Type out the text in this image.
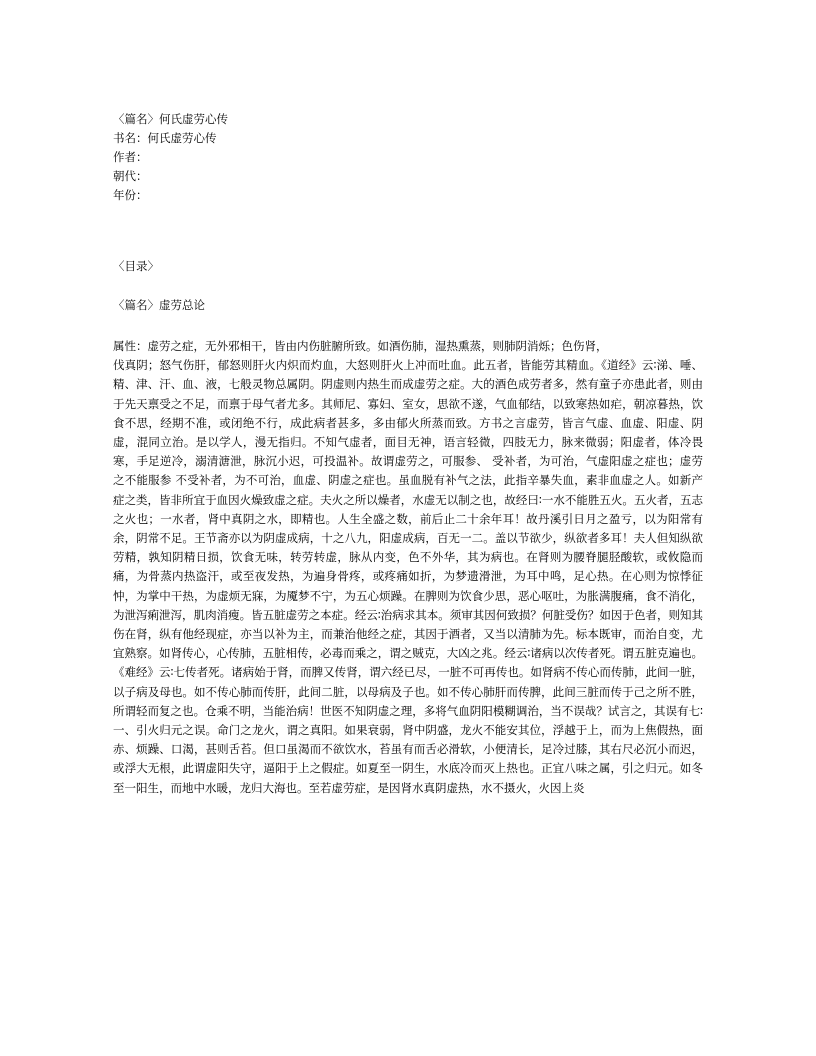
〈篇名〉何氏虚劳心传
书名：何氏虚劳心传
作者：
朝代：
年份：
〈目录〉
〈篇名〉虚劳总论

属性：虚劳之症，无外邪相干，皆由内伤脏腑所致。如酒伤肺，湿热熏蒸，则肺阴消烁；色伤肾，

伐真阴；怒气伤肝，郁怒则肝火内炽而灼血，大怒则肝火上冲而吐血。此五者，皆能劳其精血。《道经》云∶涕、唾、精、津、汗、血、液，七般灵物总属阴。阴虚则内热生而成虚劳之症。大的酒色成劳者多，然有童子亦患此者，则由于先天禀受之不足，而禀于母气者尤多。其师尼、寡妇、室女，思欲不遂，气血郁结，以致寒热如疟，朝凉暮热，饮食不思，经期不准，或闭绝不行，成此病者甚多，多由郁火所蒸而致。方书之言虚劳，皆言气虚、血虚、阳虚、阴虚，混同立治。是以学人，漫无指归。不知气虚者，面目无神，语言轻微，四肢无力，脉来微弱；阳虚者，体冷畏寒，手足逆冷，溺清溏泄，脉沉小迟，可投温补。故谓虚劳之，可服参、 受补者，为可治，气虚阳虚之症也；虚劳之不能服参 不受补者，为不可治，血虚、阴虚之症也。虽血脱有补气之法，此指辛暴失血，素非血虚之人。如新产症之类，皆非所宜于血因火燥致虚之症。夫火之所以燥者，水虚无以制之也，故经曰∶一水不能胜五火。五火者，五志之火也；一水者，肾中真阴之水，即精也。人生全盛之数，前后止二十余年耳！故丹溪引日月之盈亏，以为阳常有余，阴常不足。王节斋亦以为阴虚成病，十之八九，阳虚成病，百无一二。盖以节欲少，纵欲者多耳！夫人但知纵欲劳精，孰知阴精日损，饮食无味，转劳转虚，脉从内变，色不外华，其为病也。在肾则为腰脊腿胫酸软，或攸隐而痛，为骨蒸内热盗汗，或至夜发热，为遍身骨疼，或疼痛如折，为梦遗滑泄，为耳中鸣，足心热。在心则为惊悸征忡，为掌中干热，为虚烦无寐，为魇梦不宁，为五心烦躁。在脾则为饮食少思，恶心呕吐，为胀满腹痛，食不消化，为泄泻痢泄泻，肌肉消瘦。皆五脏虚劳之本症。经云∶治病求其本。须审其因何致损？何脏受伤？如因于色者，则知其伤在肾，纵有他经现症，亦当以补为主，而兼治他经之症，其因于酒者，又当以清肺为先。标本既审，而治自变，尤宜熟察。如肾传心，心传肺，五脏相传，必毒而乘之，谓之贼克，大凶之兆。经云∶诸病以次传者死。谓五脏克遍也。《难经》云∶七传者死。诸病始于肾，而脾又传肾，谓六经已尽，一脏不可再传也。如肾病不传心而传肺，此间一脏，以子病及母也。如不传心肺而传肝，此间二脏，以母病及子也。如不传心肺肝而传脾，此间三脏而传于己之所不胜，所谓轻而复之也。仓乘不明，当能治病！世医不知阴虚之理，多将气血阴阳模糊调治，当不误哉？试言之，其误有七∶一、引火归元之误。命门之龙火，谓之真阳。如果衰弱，肾中阴盛，龙火不能安其位，浮越于上，而为上焦假热，面赤、烦躁、口渴，甚则舌苔。但口虽渴而不欲饮水，苔虽有而舌必滑软，小便清长，足冷过膝，其右尺必沉小而迟，或浮大无根，此谓虚阳失守，逼阳于上之假症。如夏至一阴生，水底冷而灭上热也。正宜八味之属，引之归元。如冬至一阳生，而地中水暖，龙归大海也。至若虚劳症，是因肾水真阴虚热，水不摄火，火因上炎
